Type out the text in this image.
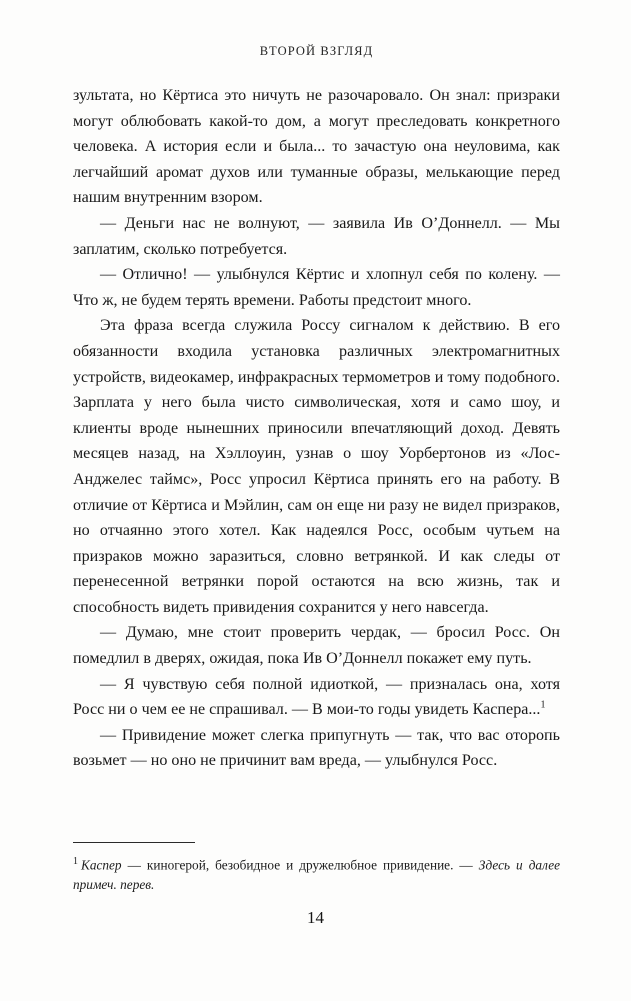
ВТОРОЙ ВЗГЛЯД

зультата, но Кёртиса это ничуть не разочаровало. Он знал: призраки могут облюбовать какой-то дом, а могут преследовать конкретного человека. А история если и была... то зачастую она неуловима, как легчайший аромат духов или туманные образы, мелькающие перед нашим внутренним взором.

— Деньги нас не волнуют, — заявила Ив О’Доннелл. — Мы заплатим, сколько потребуется.

— Отлично! — улыбнулся Кёртис и хлопнул себя по колену. — Что ж, не будем терять времени. Работы предстоит много.

Эта фраза всегда служила Россу сигналом к действию. В его обязанности входила установка различных электромагнитных устройств, видеокамер, инфракрасных термометров и тому подобного. Зарплата у него была чисто символическая, хотя и само шоу, и клиенты вроде нынешних приносили впечатляющий доход. Девять месяцев назад, на Хэллоуин, узнав о шоу Уорбертонов из «Лос-Анджелес таймс», Росс упросил Кёртиса принять его на работу. В отличие от Кёртиса и Мэйлин, сам он еще ни разу не видел призраков, но отчаянно этого хотел. Как надеялся Росс, особым чутьем на призраков можно заразиться, словно ветрянкой. И как следы от перенесенной ветрянки порой остаются на всю жизнь, так и способность видеть привидения сохранится у него навсегда.

— Думаю, мне стоит проверить чердак, — бросил Росс. Он помедлил в дверях, ожидая, пока Ив О’Доннелл покажет ему путь.

— Я чувствую себя полной идиоткой, — призналась она, хотя Росс ни о чем ее не спрашивал. — В мои-то годы увидеть Каспера...$^1$

— Привидение может слегка припугнуть — так, что вас оторопь возьмет — но оно не причинит вам вреда, — улыбнулся Росс.

$^1$ Каспер — киногерой, безобидное и дружелюбное привидение. — Здесь и далее примеч. перев.
14
